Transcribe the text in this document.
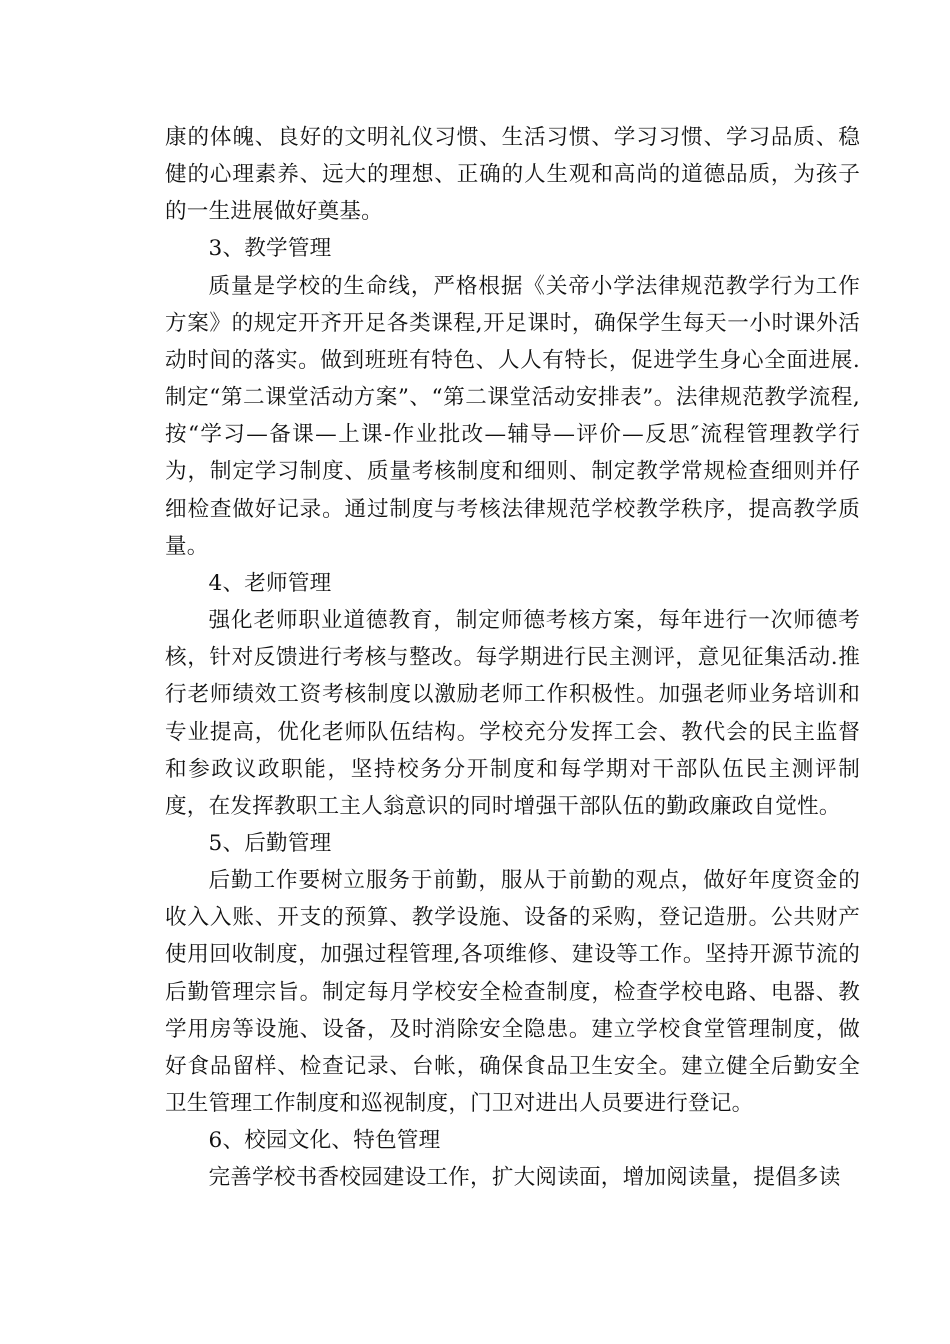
康的体魄、良好的文明礼仪习惯、生活习惯、学习习惯、学习品质、稳健的心理素养、远大的理想、正确的人生观和高尚的道德品质，为孩子的一生进展做好奠基。

3、教学管理

质量是学校的生命线，严格根据《关帝小学法律规范教学行为工作方案》的规定开齐开足各类课程,开足课时，确保学生每天一小时课外活动时间的落实。做到班班有特色、人人有特长，促进学生身心全面进展.制定“第二课堂活动方案”、“第二课堂活动安排表”。法律规范教学流程,按“学习—备课—上课-作业批改—辅导—评价—反思″流程管理教学行为，制定学习制度、质量考核制度和细则、制定教学常规检查细则并仔细检查做好记录。通过制度与考核法律规范学校教学秩序，提高教学质量。

4、老师管理

强化老师职业道德教育，制定师德考核方案，每年进行一次师德考核，针对反馈进行考核与整改。每学期进行民主测评，意见征集活动.推行老师绩效工资考核制度以激励老师工作积极性。加强老师业务培训和专业提高，优化老师队伍结构。学校充分发挥工会、教代会的民主监督和参政议政职能，坚持校务分开制度和每学期对干部队伍民主测评制度，在发挥教职工主人翁意识的同时增强干部队伍的勤政廉政自觉性。

5、后勤管理

后勤工作要树立服务于前勤，服从于前勤的观点，做好年度资金的收入入账、开支的预算、教学设施、设备的采购，登记造册。公共财产使用回收制度，加强过程管理,各项维修、建设等工作。坚持开源节流的后勤管理宗旨。制定每月学校安全检查制度，检查学校电路、电器、教学用房等设施、设备，及时消除安全隐患。建立学校食堂管理制度，做好食品留样、检查记录、台帐，确保食品卫生安全。建立健全后勤安全卫生管理工作制度和巡视制度，门卫对进出人员要进行登记。

6、校园文化、特色管理

完善学校书香校园建设工作，扩大阅读面，增加阅读量，提倡多读
